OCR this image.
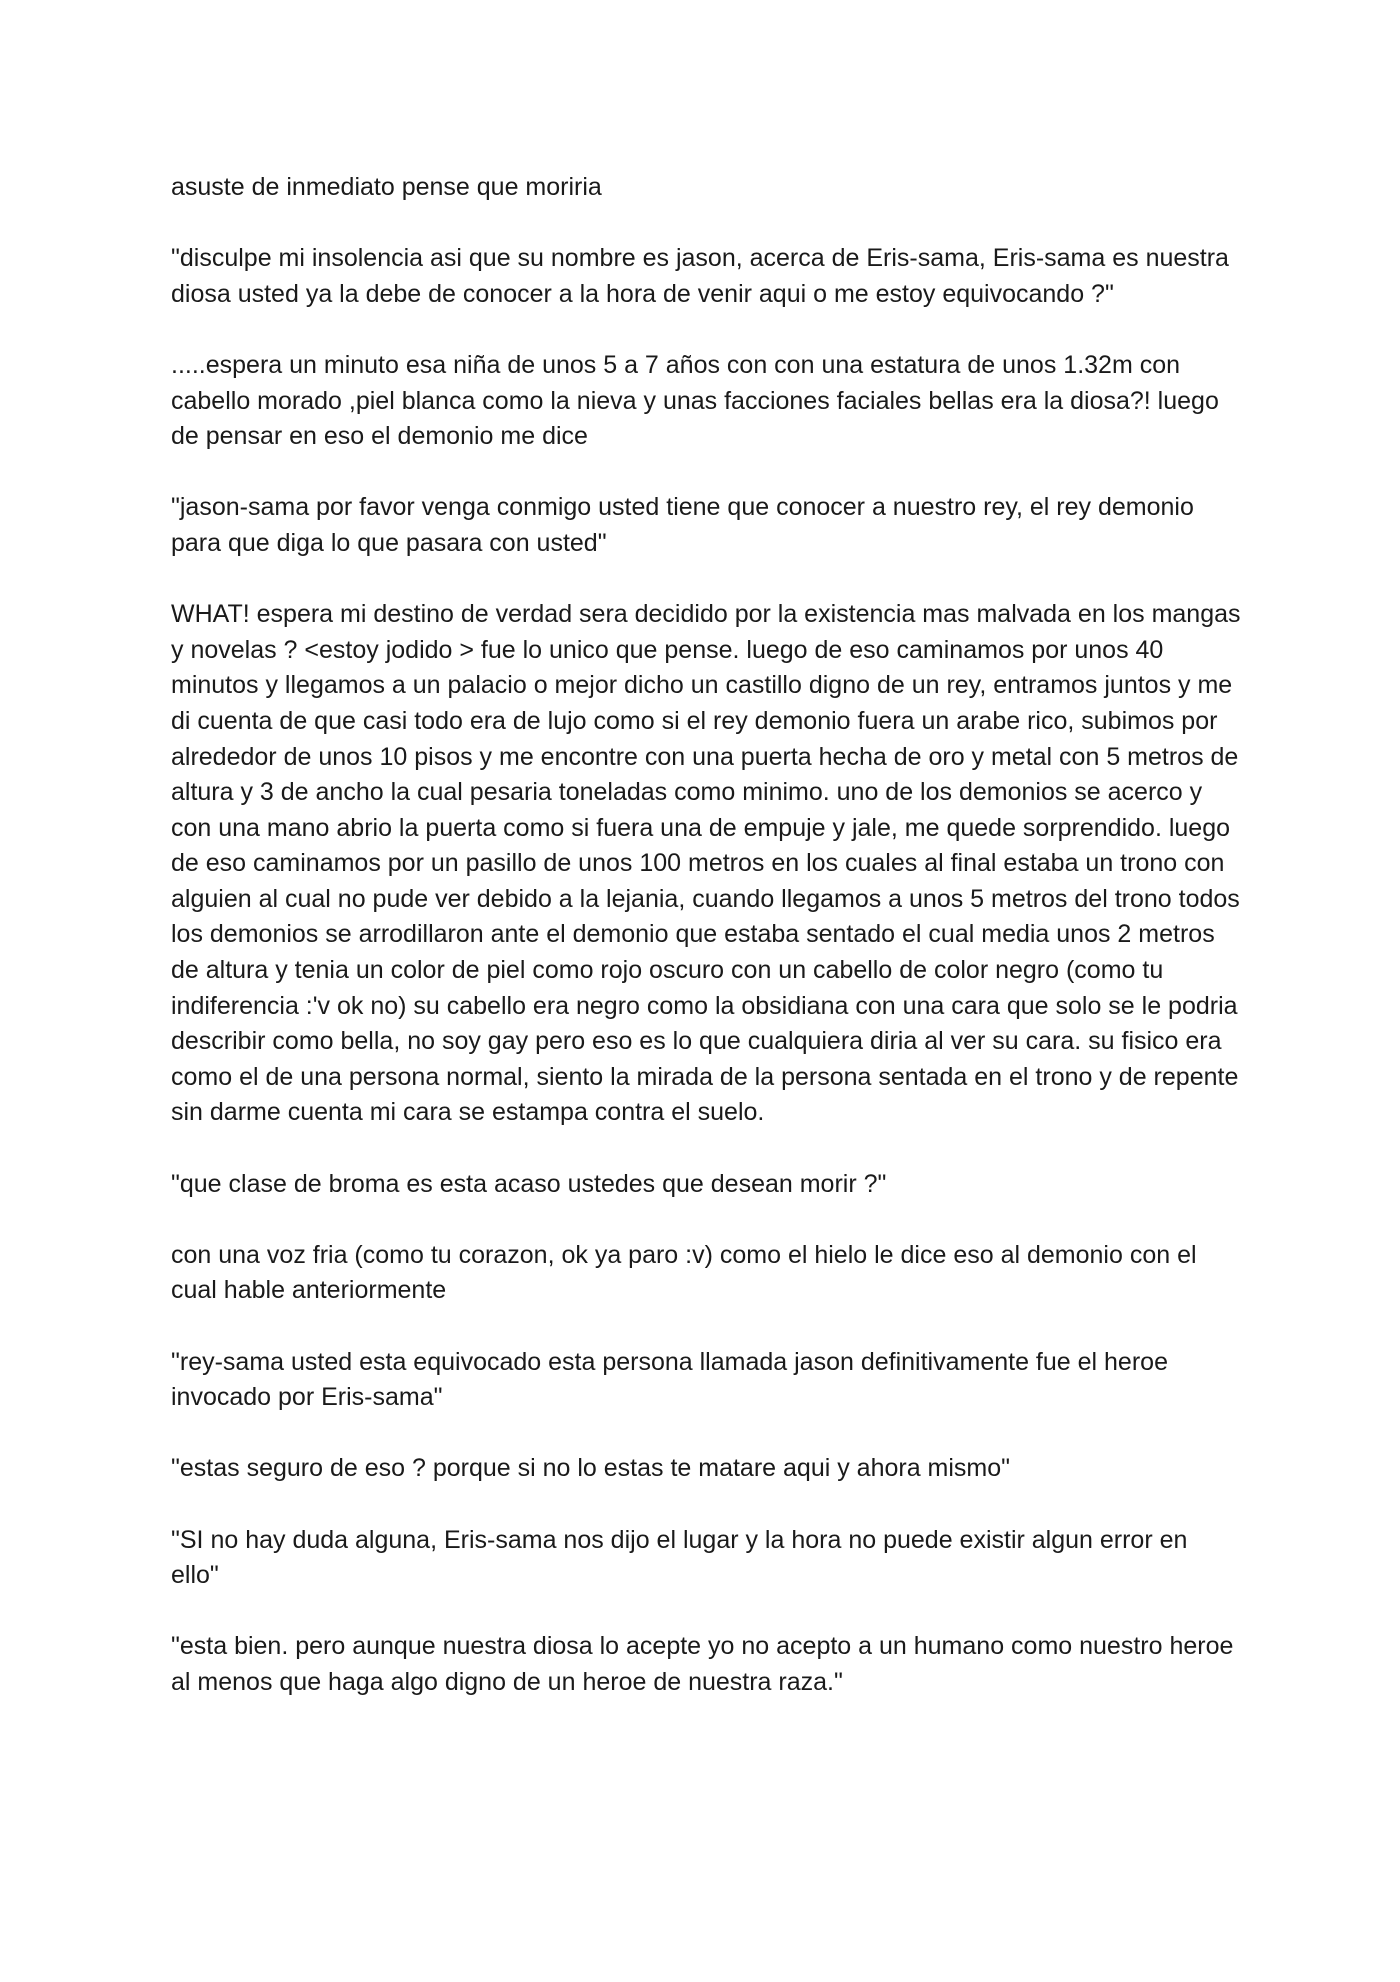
asuste de inmediato pense que moriria

"disculpe mi insolencia asi que su nombre es jason, acerca de Eris-sama, Eris-sama es nuestra diosa usted ya la debe de conocer a la hora de venir aqui o me estoy equivocando ?"

.....espera un minuto esa niña de unos 5 a 7 años con con una estatura de unos 1.32m con cabello morado ,piel blanca como la nieva y unas facciones faciales bellas era la diosa?! luego de pensar en eso el demonio me dice

"jason-sama por favor venga conmigo usted tiene que conocer a nuestro rey, el rey demonio para que diga lo que pasara con usted"

WHAT! espera mi destino de verdad sera decidido por la existencia mas malvada en los mangas y novelas ? <estoy jodido > fue lo unico que pense. luego de eso caminamos por unos 40 minutos y llegamos a un palacio o mejor dicho un castillo digno de un rey, entramos juntos y me di cuenta de que casi todo era de lujo como si el rey demonio fuera un arabe rico, subimos por alrededor de unos 10 pisos y me encontre con una puerta hecha de oro y metal con 5 metros de altura y 3 de ancho la cual pesaria toneladas como minimo. uno de los demonios se acerco y con una mano abrio la puerta como si fuera una de empuje y jale, me quede sorprendido. luego de eso caminamos por un pasillo de unos 100 metros en los cuales al final estaba un trono con alguien al cual no pude ver debido a la lejania, cuando llegamos a unos 5 metros del trono todos los demonios se arrodillaron ante el demonio que estaba sentado el cual media unos 2 metros de altura y tenia un color de piel como rojo oscuro con un cabello de color negro (como tu indiferencia :'v ok no) su cabello era negro como la obsidiana con una cara que solo se le podria describir como bella, no soy gay pero eso es lo que cualquiera diria al ver su cara. su fisico era como el de una persona normal, siento la mirada de la persona sentada en el trono y de repente sin darme cuenta mi cara se estampa contra el suelo.

"que clase de broma es esta acaso ustedes que desean morir ?"

con una voz fria (como tu corazon, ok ya paro :v) como el hielo le dice eso al demonio con el cual hable anteriormente

"rey-sama usted esta equivocado esta persona llamada jason definitivamente fue el heroe invocado por Eris-sama"

"estas seguro de eso ? porque si no lo estas te matare aqui y ahora mismo"

"SI no hay duda alguna, Eris-sama nos dijo el lugar y la hora no puede existir algun error en ello"

"esta bien. pero aunque nuestra diosa lo acepte yo no acepto a un humano como nuestro heroe al menos que haga algo digno de un heroe de nuestra raza."
